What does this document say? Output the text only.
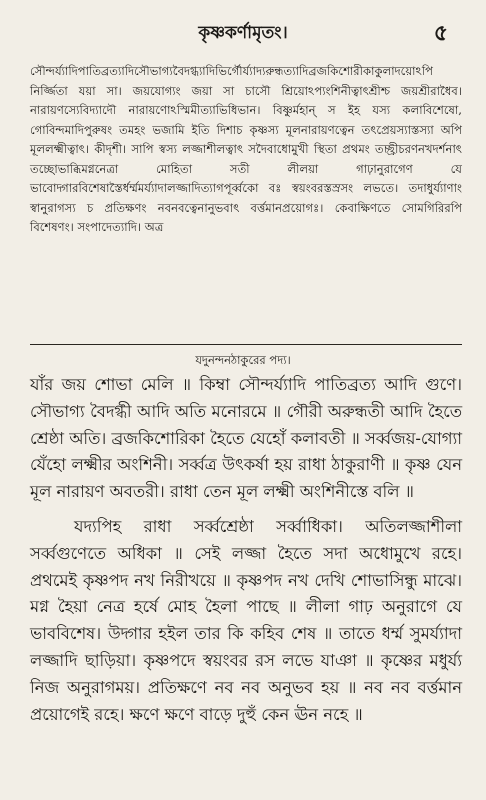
কৃষ্ণকর্ণামৃতং।	৫

সৌন্দর্য্যাদিপাতিব্রত্যাদিসৌভাগ্যবৈদগ্ধ্যাদিভির্গৌর্য্যাদ্যরুন্ধত্যাদিব্রজকিশোরীকাকুলাদয়োঽপি নির্জ্জিতা যয়া সা। জয়যোগ্যং জয়া সা চাসৌ শ্রিয়োঽপ্যংশিনীত্বাৎশ্রীশ্চ জয়শ্রীরাধৈব। নারায়ণস্যেবিদ্যাদৌ নারায়ণোঽস্মিমীত্যাভিধিভান। বিষ্ণুর্মহান্ স ইহ যস্য কলাবিশেষো, গোবিন্দমাদিপুরুষং তমহং ভজামি ইতি দিশাচ কৃষ্ণস্য মূলনারায়ণত্বেন তৎপ্রেয়স্যাস্তস্যা অপি মূললক্ষ্মীত্বাৎ। কীদৃশী। সাপি স্বস্য লজ্জাশীলত্বাৎ সদৈবাধোমুখী স্থিতা প্রথমং তচ্ছ্রীচরণনখদর্শনাৎ তচ্ছোভাব্ধিমগ্ননেত্রা মোহিতা সতী লীলয়া গাঢ়ানুরাগেণ যে ভাবোদ্গারবিশেষাস্তৈর্ধর্ম্মমর্য্যাদালজ্জাদিত্যাগপূর্ব্বকো বঃ স্বয়ংবরস্তস্রসং লভতে। তদাধুর্য্যাণাং স্বানুরাগস্য চ প্রতিক্ষণং নবনবত্বেনানুভবাৎ বর্ত্তমানপ্রয়োগঃ। কেবাক্ষিণতে সোমগিরিরপি বিশেষণং। সংপাদেত্যাদি। অত্র

যদুনন্দনঠাকুরের পদ্য।

যাঁর জয় শোভা মেলি ॥ কিম্বা সৌন্দর্য্যাদি পাতিব্রত্য আদি গুণে। সৌভাগ্য বৈদগ্ধী আদি অতি মনোরমে ॥ গৌরী অরুন্ধতী আদি হৈতে শ্রেষ্ঠা অতি। ব্রজকিশোরিকা হৈতে যেহোঁ কলাবতী ॥ সর্ব্বজয়-যোগ্যা যেঁহো লক্ষ্মীর অংশিনী। সর্ব্বত্র উৎকর্ষা হয় রাধা ঠাকুরাণী ॥ কৃষ্ণ যেন মূল নারায়ণ অবতরী। রাধা তেন মূল লক্ষ্মী অংশিনীস্তে বলি ॥

যদ্যপিহ রাধা সর্ব্বশ্রেষ্ঠা সর্ব্বাধিকা। অতিলজ্জাশীলা সর্ব্বগুণেতে অধিকা ॥ সেই লজ্জা হৈতে সদা অধোমুখে রহে। প্রথমেই কৃষ্ণপদ নখ নিরীখয়ে ॥ কৃষ্ণপদ নখ দেখি শোভাসিন্ধু মাঝে। মগ্ন হৈয়া নেত্র হর্ষে মোহ হৈলা পাছে ॥ লীলা গাঢ় অনুরাগে যে ভাববিশেষ। উদ্গার হইল তার কি কহিব শেষ ॥ তাতে ধর্ম্ম সুমর্য্যাদা লজ্জাদি ছাড়িয়া। কৃষ্ণপদে স্বয়ংবর রস লভে যাঞা ॥ কৃষ্ণের মধুর্য্য নিজ অনুরাগময়। প্রতিক্ষণে নব নব অনুভব হয় ॥ নব নব বর্ত্তমান প্রয়োগেই রহে। ক্ষণে ক্ষণে বাড়ে দুহুঁ কেন ঊন নহে ॥
